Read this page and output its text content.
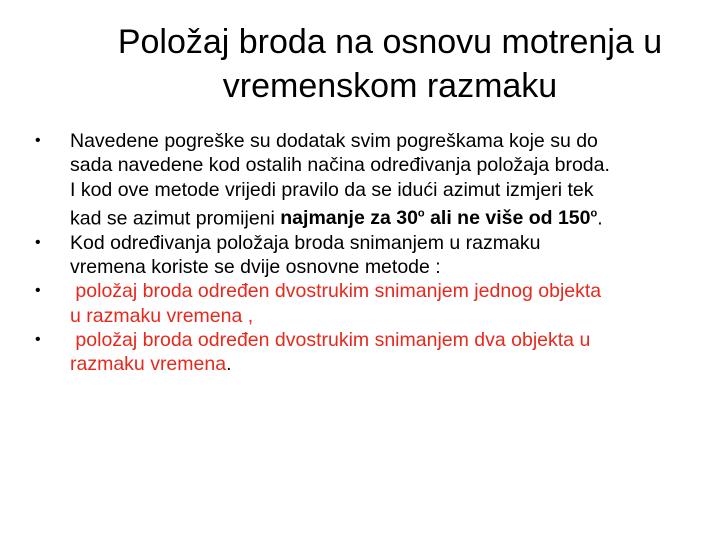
Položaj broda na osnovu motrenja u
vremenskom razmaku
• Navedene pogreške su dodatak svim pogreškama koje su do
sada navedene kod ostalih načina određivanja položaja broda.
I kod ove metode vrijedi pravilo da se idući azimut izmjeri tek
kad se azimut promijeni najmanje za 30$^o$ ali ne više od 150$^o$.
• Kod određivanja položaja broda snimanjem u razmaku
vremena koriste se dvije osnovne metode :
• položaj broda određen dvostrukim snimanjem jednog objekta
u razmaku vremena ,
• položaj broda određen dvostrukim snimanjem dva objekta u
razmaku vremena.
